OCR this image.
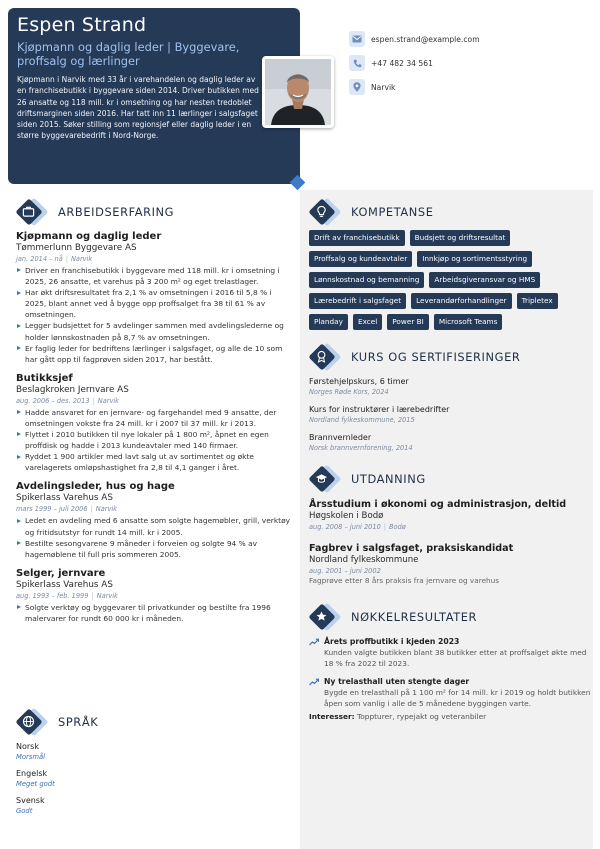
Espen Strand
Kjøpmann og daglig leder | Byggevare, proffsalg og lærlinger
Kjøpmann i Narvik med 33 år i varehandelen og daglig leder av en franchisebutikk i byggevare siden 2014. Driver butikken med 26 ansatte og 118 mill. kr i omsetning og har nesten tredoblet driftsmarginen siden 2016. Har tatt inn 11 lærlinger i salgsfaget siden 2015. Søker stilling som regionsjef eller daglig leder i en større byggevarebedrift i Nord-Norge.
espen.strand@example.com
+47 482 34 561
Narvik
ARBEIDSERFARING
Kjøpmann og daglig leder
Tømmerlunn Byggevare AS
jan. 2014 – nå | Narvik
Driver en franchisebutikk i byggevare med 118 mill. kr i omsetning i 2025, 26 ansatte, et varehus på 3 200 m² og eget trelastlager.
Har økt driftsresultatet fra 2,1 % av omsetningen i 2016 til 5,8 % i 2025, blant annet ved å bygge opp proffsalget fra 38 til 61 % av omsetningen.
Legger budsjettet for 5 avdelinger sammen med avdelingslederne og holder lønnskostnaden på 8,7 % av omsetningen.
Er faglig leder for bedriftens lærlinger i salgsfaget, og alle de 10 som har gått opp til fagprøven siden 2017, har bestått.
Butikksjef
Beslagkroken Jernvare AS
aug. 2006 – des. 2013 | Narvik
Hadde ansvaret for en jernvare- og fargehandel med 9 ansatte, der omsetningen vokste fra 24 mill. kr i 2007 til 37 mill. kr i 2013.
Flyttet i 2010 butikken til nye lokaler på 1 800 m², åpnet en egen proffdisk og hadde i 2013 kundeavtaler med 140 firmaer.
Ryddet 1 900 artikler med lavt salg ut av sortimentet og økte varelagerets omløpshastighet fra 2,8 til 4,1 ganger i året.
Avdelingsleder, hus og hage
Spikerlass Varehus AS
mars 1999 – juli 2006 | Narvik
Ledet en avdeling med 6 ansatte som solgte hagemøbler, grill, verktøy og fritidsutstyr for rundt 14 mill. kr i 2005.
Bestilte sesongvarene 9 måneder i forveien og solgte 94 % av hagemøblene til full pris sommeren 2005.
Selger, jernvare
Spikerlass Varehus AS
aug. 1993 – feb. 1999 | Narvik
Solgte verktøy og byggevarer til privatkunder og bestilte fra 1996 malervarer for rundt 60 000 kr i måneden.
SPRÅK
Norsk
Morsmål
Engelsk
Meget godt
Svensk
Godt
KOMPETANSE
Drift av franchisebutikk	Budsjett og driftsresultat
Proffsalg og kundeavtaler	Innkjøp og sortimentsstyring
Lønnskostnad og bemanning	Arbeidsgiveransvar og HMS
Lærebedrift i salgsfaget	Leverandørforhandlinger	Tripletex
Planday	Excel	Power BI	Microsoft Teams
KURS OG SERTIFISERINGER
Førstehjelpskurs, 6 timer
Norges Røde Kors, 2024
Kurs for instruktører i lærebedrifter
Nordland fylkeskommune, 2015
Brannvernleder
Norsk brannvernforening, 2014
UTDANNING
Årsstudium i økonomi og administrasjon, deltid
Høgskolen i Bodø
aug. 2008 – juni 2010 | Bodø
Fagbrev i salgsfaget, praksiskandidat
Nordland fylkeskommune
aug. 2001 – juni 2002
Fagprøve etter 8 års praksis fra jernvare og varehus
NØKKELRESULTATER
Årets proffbutikk i kjeden 2023
Kunden valgte butikken blant 38 butikker etter at proffsalget økte med 18 % fra 2022 til 2023.
Ny trelasthall uten stengte dager
Bygde en trelasthall på 1 100 m² for 14 mill. kr i 2019 og holdt butikken åpen som vanlig i alle de 5 månedene byggingen varte.
Interesser: Toppturer, rypejakt og veteranbiler
